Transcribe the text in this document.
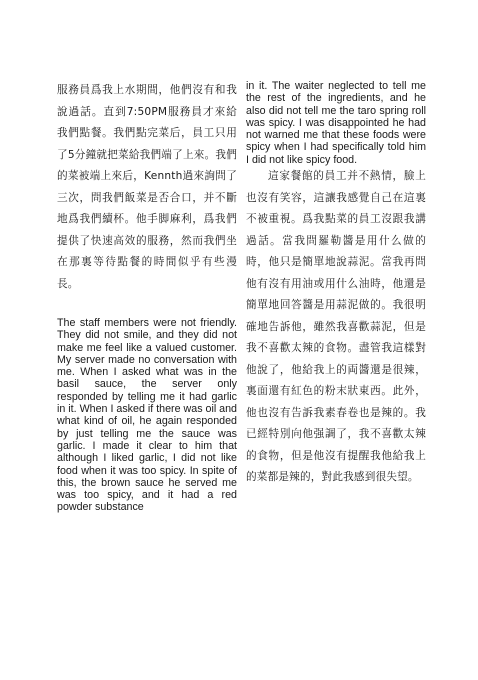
服務員爲我上水期間，他們沒有和我說過話。直到7:50PM服務員才來給我們點餐。我們點完菜后，員工只用了5分鐘就把菜給我們端了上來。我們的菜被端上來后，Kennth過來詢問了三次，問我們飯菜是否合口，并不斷地爲我們續杯。他手脚麻利，爲我們提供了快速高效的服務，然而我們坐在那裏等待點餐的時間似乎有些漫長。

The staff members were not friendly. They did not smile, and they did not make me feel like a valued customer. My server made no conversation with me. When I asked what was in the basil sauce, the server only responded by telling me it had garlic in it. When I asked if there was oil and what kind of oil, he again responded by just telling me the sauce was garlic. I made it clear to him that although I liked garlic, I did not like food when it was too spicy. In spite of this, the brown sauce he served me was too spicy, and it had a red powder substance

in it. The waiter neglected to tell me the rest of the ingredients, and he also did not tell me the taro spring roll was spicy. I was disappointed he had not warned me that these foods were spicy when I had specifically told him I did not like spicy food.

這家餐館的員工并不熱情，臉上也沒有笑容，這讓我感覺自己在這裏不被重視。爲我點菜的員工沒跟我講過話。當我問羅勒醬是用什么做的時，他只是簡單地說蒜泥。當我再問他有沒有用油或用什么油時，他還是簡單地回答醬是用蒜泥做的。我很明確地告訴他，雖然我喜歡蒜泥，但是我不喜歡太辣的食物。盡管我這樣對他說了，他給我上的両醬還是很辣，裏面還有紅色的粉末狀東西。此外，他也沒有告訴我素春卷也是辣的。我已經特別向他强調了，我不喜歡太辣的食物，但是他沒有提醒我他給我上的菜都是辣的，對此我感到很失望。
